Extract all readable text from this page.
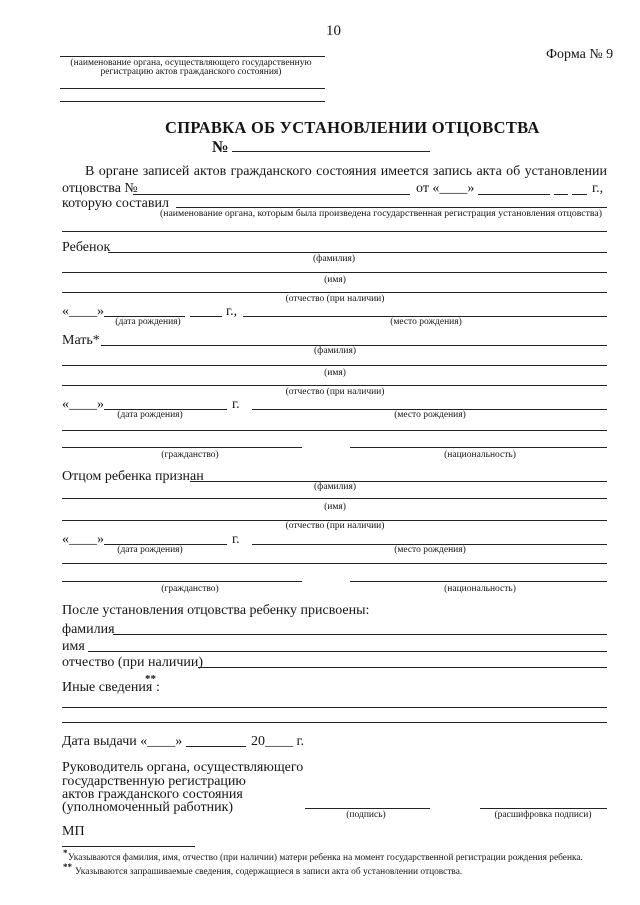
10
Форма № 9
(наименование органа, осуществляющего государственную
регистрацию актов гражданского состояния)
СПРАВКА ОБ УСТАНОВЛЕНИИ ОТЦОВСТВА
№
В органе записей актов гражданского состояния имеется запись акта об установлении
отцовства №	от «____»	г.,
которую составил
(наименование органа, которым была произведена государственная регистрация установления отцовства)
Ребенок
(фамилия)
(имя)
(отчество (при наличии)
«____»	г.,
(дата рождения)	(место рождения)
Мать*
(фамилия)
(имя)
(отчество (при наличии)
«____»	г.
(дата рождения)	(место рождения)
(гражданство)	(национальность)
Отцом ребенка признан
(фамилия)
(имя)
(отчество (при наличии)
«____»	г.
(дата рождения)	(место рождения)
(гражданство)	(национальность)
После установления отцовства ребенку присвоены:
фамилия
имя
отчество (при наличии)
Иные сведения
**
:
Дата выдачи «____»	20____ г.
Руководитель органа, осуществляющего
государственную регистрацию
актов гражданского состояния
(уполномоченный работник)	(подпись)	(расшифровка подписи)
МП
* Указываются фамилия, имя, отчество (при наличии) матери ребенка на момент государственной регистрации рождения ребенка.
** Указываются запрашиваемые сведения, содержащиеся в записи акта об установлении отцовства.
